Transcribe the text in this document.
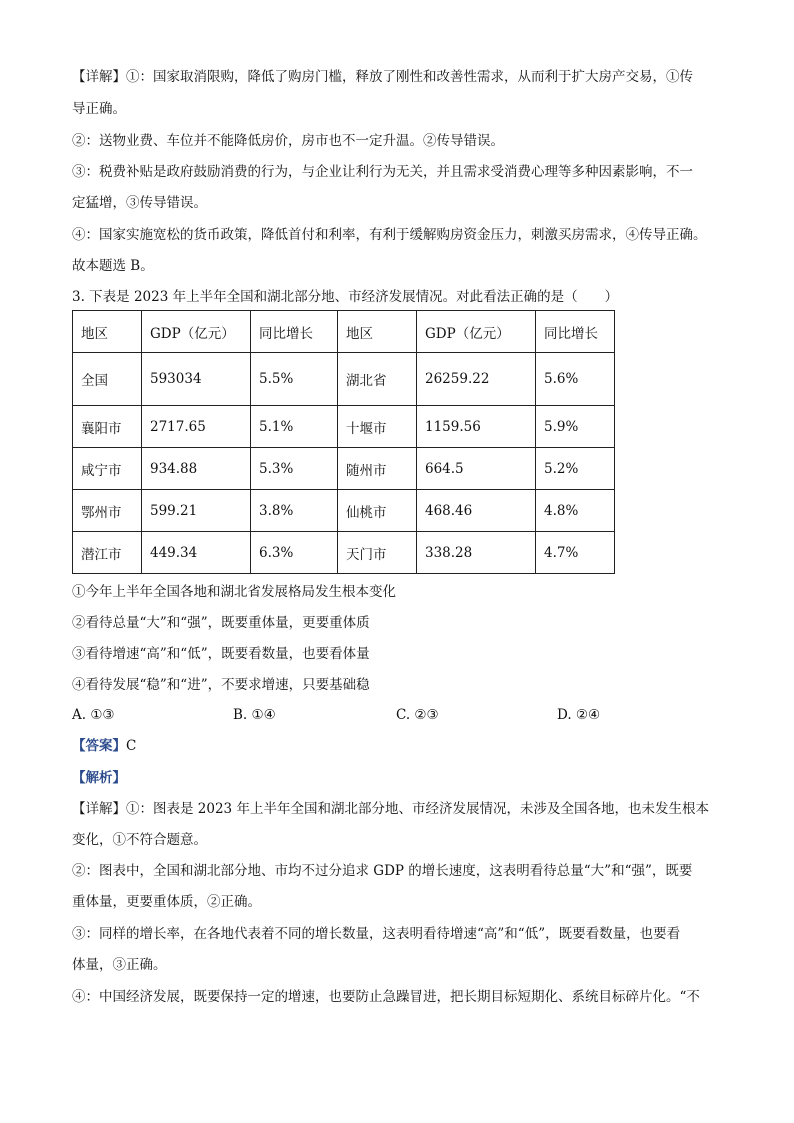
【详解】①：国家取消限购，降低了购房门槛，释放了刚性和改善性需求，从而利于扩大房产交易，①传
导正确。
②：送物业费、车位并不能降低房价，房市也不一定升温。②传导错误。
③：税费补贴是政府鼓励消费的行为，与企业让利行为无关，并且需求受消费心理等多种因素影响，不一
定猛增，③传导错误。
④：国家实施宽松的货币政策，降低首付和利率，有利于缓解购房资金压力，刺激买房需求，④传导正确。
故本题选 B。
3. 下表是 2023 年上半年全国和湖北部分地、市经济发展情况。对此看法正确的是（　　）
地区	GDP（亿元）	同比增长	地区	GDP（亿元）	同比增长
全国	593034	5.5%	湖北省	26259.22	5.6%
襄阳市	2717.65	5.1%	十堰市	1159.56	5.9%
咸宁市	934.88	5.3%	随州市	664.5	5.2%
鄂州市	599.21	3.8%	仙桃市	468.46	4.8%
潜江市	449.34	6.3%	天门市	338.28	4.7%
①今年上半年全国各地和湖北省发展格局发生根本变化
②看待总量“大”和“强”，既要重体量，更要重体质
③看待增速“高”和“低”，既要看数量，也要看体量
④看待发展“稳”和“进”，不要求增速，只要基础稳
A. ①③	B. ①④	C. ②③	D. ②④
【答案】C
【解析】
【详解】①：图表是 2023 年上半年全国和湖北部分地、市经济发展情况，未涉及全国各地，也未发生根本
变化，①不符合题意。
②：图表中，全国和湖北部分地、市均不过分追求 GDP 的增长速度，这表明看待总量“大”和“强”，既要
重体量，更要重体质，②正确。
③：同样的增长率，在各地代表着不同的增长数量，这表明看待增速“高”和“低”，既要看数量，也要看
体量，③正确。
④：中国经济发展，既要保持一定的增速，也要防止急躁冒进，把长期目标短期化、系统目标碎片化。“不
